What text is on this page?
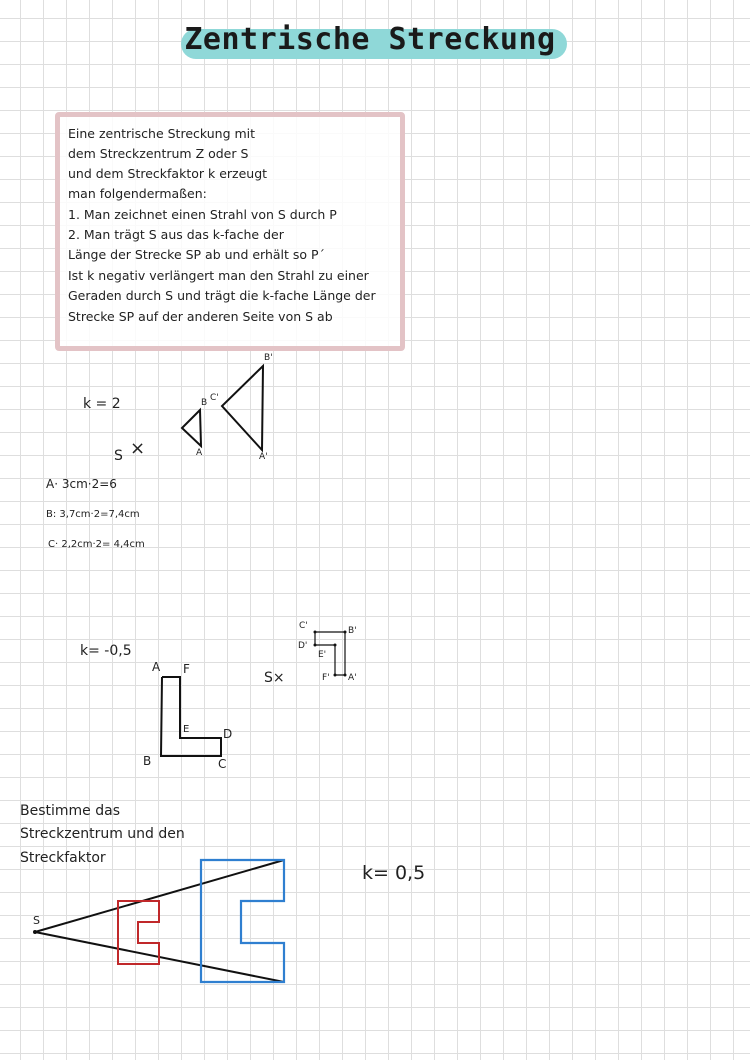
Zentrische Streckung
Eine zentrische Streckung mit
dem Streckzentrum Z oder S
und dem Streckfaktor k erzeugt
man folgendermaßen:
1. Man zeichnet einen Strahl von S durch P
2. Man trägt S aus das k-fache der
Länge der Strecke SP ab und erhält so P´
Ist k negativ verlängert man den Strahl zu einer
Geraden durch S und trägt die k-fache Länge der
Strecke SP auf der anderen Seite von S ab
k = 2
S ×	A
B C'
B'
A'
A· 3cm·2=6
B: 3,7cm·2=7,4cm
C· 2,2cm·2= 4,4cm
k= -0,5
S×
A F
E	D
B	C
C'	B'
D'
E'
F' A'
Bestimme das
Streckzentrum und den
Streckfaktor
S
k= 0,5
